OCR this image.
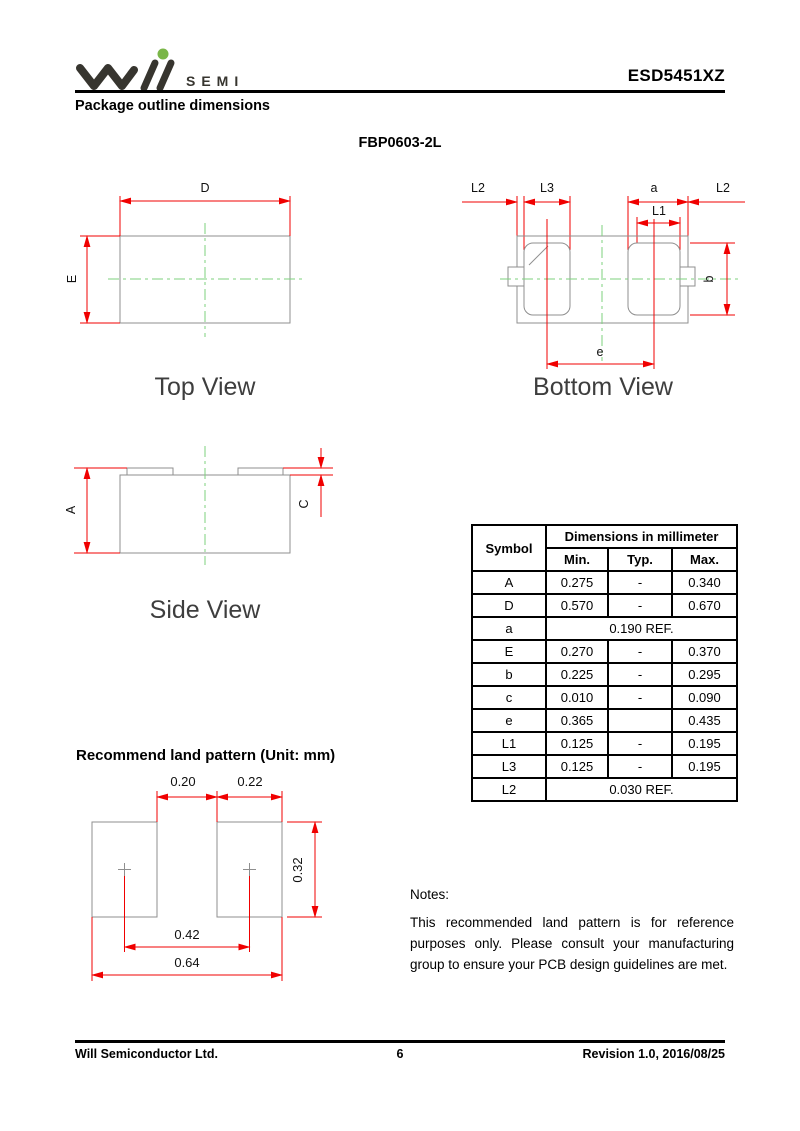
SEMI	ESD5451XZ
Package outline dimensions
FBP0603-2L
D
E
Top View
L2	L3	a	L2
L1
b
e
Bottom View
A
C
Side View
Symbol	Dimensions in millimeter		
	Min.	Typ.	Max.
A	0.275	-	0.340
D	0.570	-	0.670
a	0.190 REF.		
E	0.270	-	0.370
b	0.225	-	0.295
c	0.010	-	0.090
e	0.365		0.435
L1	0.125	-	0.195
L3	0.125	-	0.195
L2	0.030 REF.		
Recommend land pattern (Unit: mm)
0.20	0.22
0.32
0.42
0.64
Notes:
This recommended land pattern is for reference purposes only. Please consult your manufacturing group to ensure your PCB design guidelines are met.
6
Will Semiconductor Ltd.	Revision 1.0, 2016/08/25
